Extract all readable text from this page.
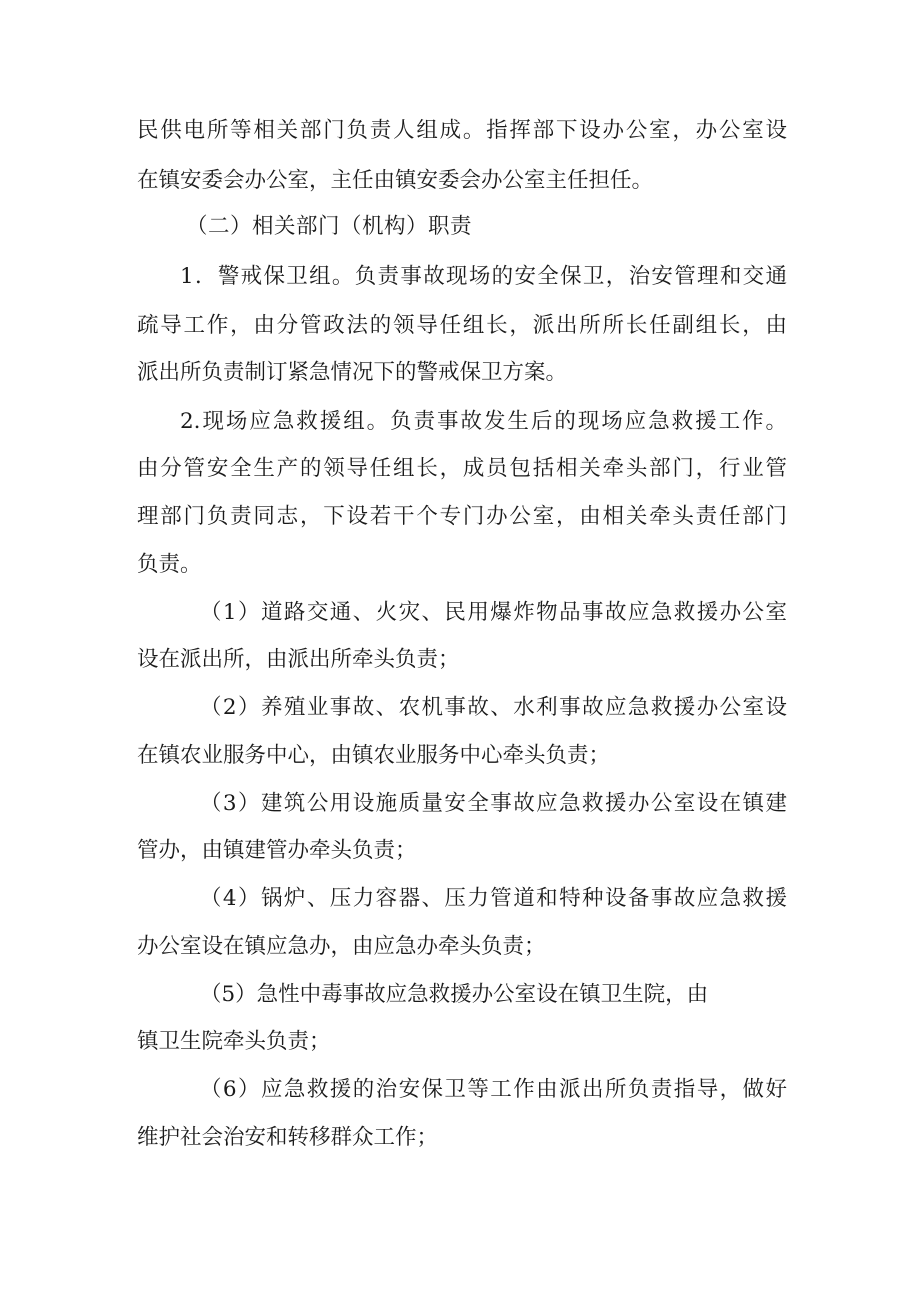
民供电所等相关部门负责人组成。指挥部下设办公室，办公室设
在镇安委会办公室，主任由镇安委会办公室主任担任。
（二）相关部门（机构）职责
1．警戒保卫组。负责事故现场的安全保卫，治安管理和交通
疏导工作，由分管政法的领导任组长，派出所所长任副组长，由
派出所负责制订紧急情况下的警戒保卫方案。
2.现场应急救援组。负责事故发生后的现场应急救援工作。
由分管安全生产的领导任组长，成员包括相关牵头部门，行业管
理部门负责同志，下设若干个专门办公室，由相关牵头责任部门
负责。
（1）道路交通、火灾、民用爆炸物品事故应急救援办公室
设在派出所，由派出所牵头负责；
（2）养殖业事故、农机事故、水利事故应急救援办公室设
在镇农业服务中心，由镇农业服务中心牵头负责；
（3）建筑公用设施质量安全事故应急救援办公室设在镇建
管办，由镇建管办牵头负责；
（4）锅炉、压力容器、压力管道和特种设备事故应急救援
办公室设在镇应急办，由应急办牵头负责；
（5）急性中毒事故应急救援办公室设在镇卫生院，由
镇卫生院牵头负责；
（6）应急救援的治安保卫等工作由派出所负责指导，做好
维护社会治安和转移群众工作；
